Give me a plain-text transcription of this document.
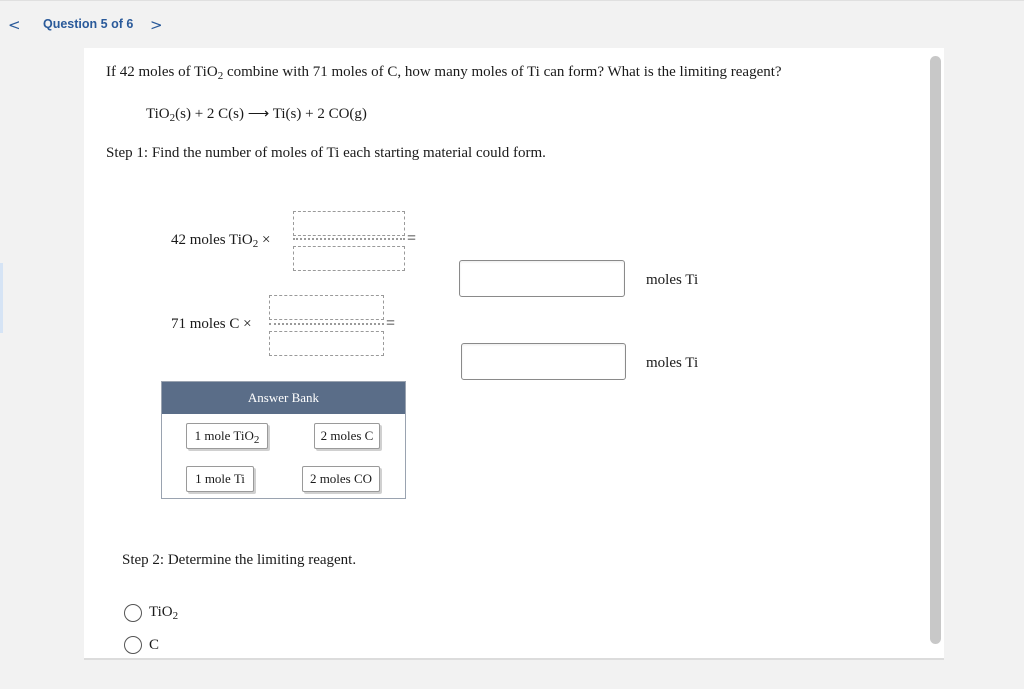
< Question 5 of 6 >
If 42 moles of TiO$_2$ combine with 71 moles of C, how many moles of Ti can form? What is the limiting reagent?
TiO$_2$(s) + 2 C(s) ⟶ Ti(s) + 2 CO(g)
Step 1: Find the number of moles of Ti each starting material could form.
42 moles TiO$_2$ ×	=
moles Ti
71 moles C ×	=
moles Ti
Answer Bank
1 mole TiO$_2$	2 moles C
1 mole Ti	2 moles CO
Step 2: Determine the limiting reagent.
TiO$_2$
C
